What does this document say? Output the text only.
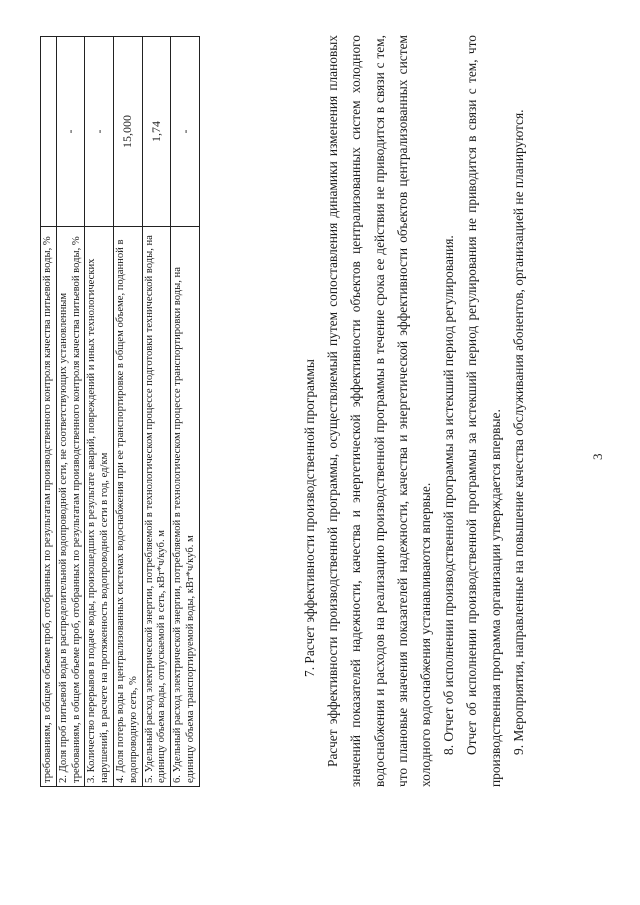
3
требованиям, в общем объеме проб, отобранных по результатам производственного контроля качества питьевой воды, %	
2. Доля проб питьевой воды в распределительной водопроводной сети, не соответствующих установленным требованиям, в общем объеме проб, отобранных по результатам производственного контроля качества питьевой воды, %	-
3. Количество перерывов в подаче воды, произошедших в результате аварий, повреждений и иных технологических нарушений, в расчете на протяженность водопроводной сети в год, ед/км	-
4. Доля потерь воды в централизованных системах водоснабжения при ее транспортировке в общем объеме, поданной в водопроводную сеть, %	15,000
5. Удельный расход электрической энергии, потребляемой в технологическом процессе подготовки технической воды, на единицу объема воды, отпускаемой в сеть, кВт*ч/куб. м	1,74
6. Удельный расход электрической энергии, потребляемой в технологическом процессе транспортировки воды, на единицу объема транспортируемой воды, кВт*ч/куб. м	-

7. Расчет эффективности производственной программы Расчет эффективности производственной программы, осуществляемый путем сопоставления динамики изменения плановых значений показателей надежности, качества и энергетической эффективности объектов централизованных систем холодного водоснабжения и расходов на реализацию производственной программы в течение срока ее действия не приводится в связи с тем, что плановые значения показателей надежности, качества и энергетической эффективности объектов централизованных систем холодного водоснабжения устанавливаются впервые. 8. Отчет об исполнении производственной программы за истекший период регулирования. Отчет об исполнении производственной программы за истекший период регулирования не приводится в связи с тем, что производственная программа организации утверждается впервые. 9. Мероприятия, направленные на повышение качества обслуживания абонентов, организацией не планируются.
